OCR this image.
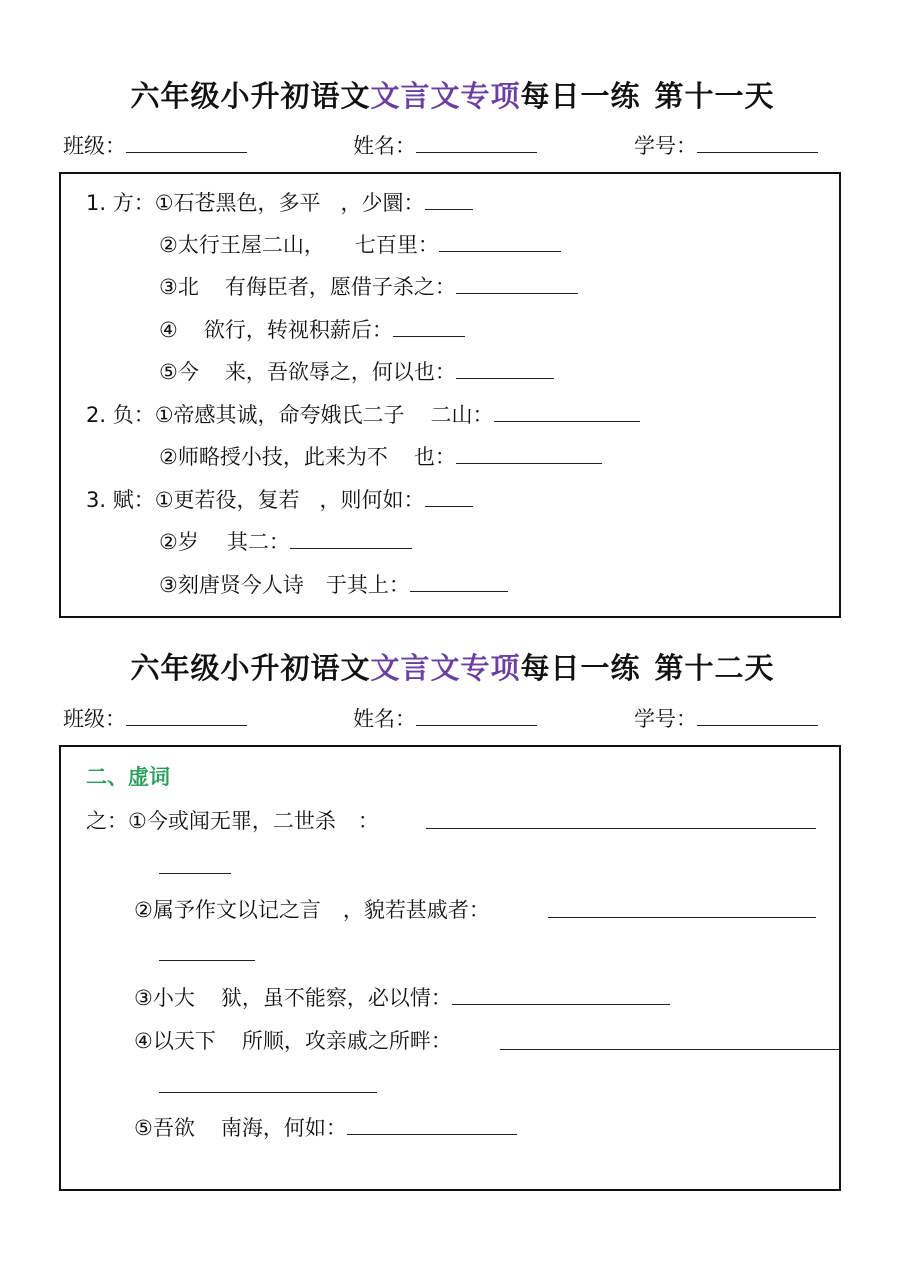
六年级小升初语文文言文专项每日一练 第十一天
班级：	姓名：	学号：
1. 方：①石苍黑色，多平 ，少圜：
②太行王屋二山， 七百里：
③北 有侮臣者，愿借子杀之：
④ 欲行，转视积薪后：
⑤今 来，吾欲辱之，何以也：
2. 负：①帝感其诚，命夸娥氏二子 二山：
②师略授小技，此来为不 也：
3. 赋：①更若役，复若 ，则何如：
②岁 其二：
③刻唐贤今人诗 于其上：
六年级小升初语文文言文专项每日一练 第十二天
班级：	姓名：	学号：
二、虚词
之：①今或闻无罪，二世杀 ：
②属予作文以记之言 ，貌若甚戚者：
③小大 狱，虽不能察，必以情：
④以天下 所顺，攻亲戚之所畔：
⑤吾欲 南海，何如：
